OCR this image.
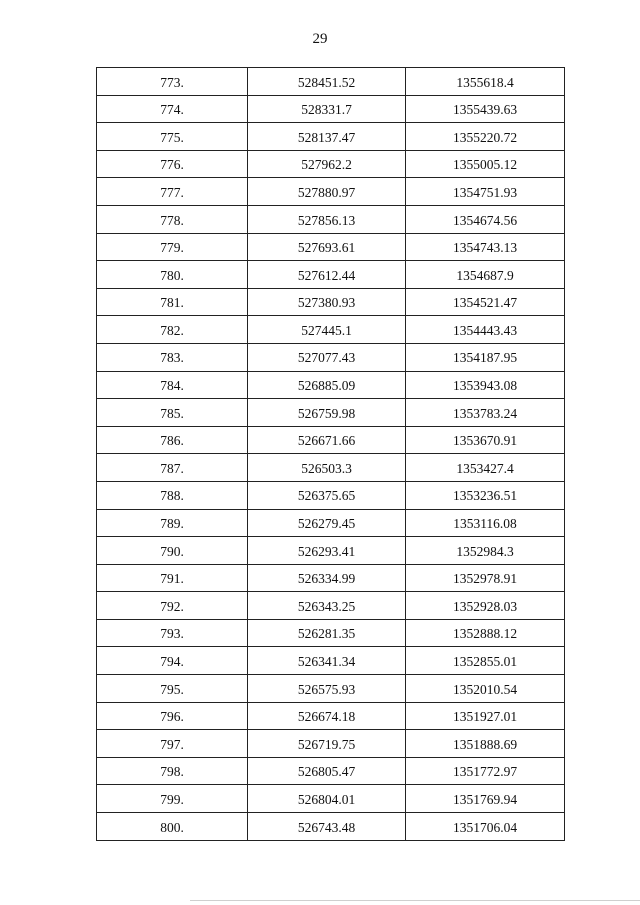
29
773.	528451.52	1355618.4
774.	528331.7	1355439.63
775.	528137.47	1355220.72
776.	527962.2	1355005.12
777.	527880.97	1354751.93
778.	527856.13	1354674.56
779.	527693.61	1354743.13
780.	527612.44	1354687.9
781.	527380.93	1354521.47
782.	527445.1	1354443.43
783.	527077.43	1354187.95
784.	526885.09	1353943.08
785.	526759.98	1353783.24
786.	526671.66	1353670.91
787.	526503.3	1353427.4
788.	526375.65	1353236.51
789.	526279.45	1353116.08
790.	526293.41	1352984.3
791.	526334.99	1352978.91
792.	526343.25	1352928.03
793.	526281.35	1352888.12
794.	526341.34	1352855.01
795.	526575.93	1352010.54
796.	526674.18	1351927.01
797.	526719.75	1351888.69
798.	526805.47	1351772.97
799.	526804.01	1351769.94
800.	526743.48	1351706.04
